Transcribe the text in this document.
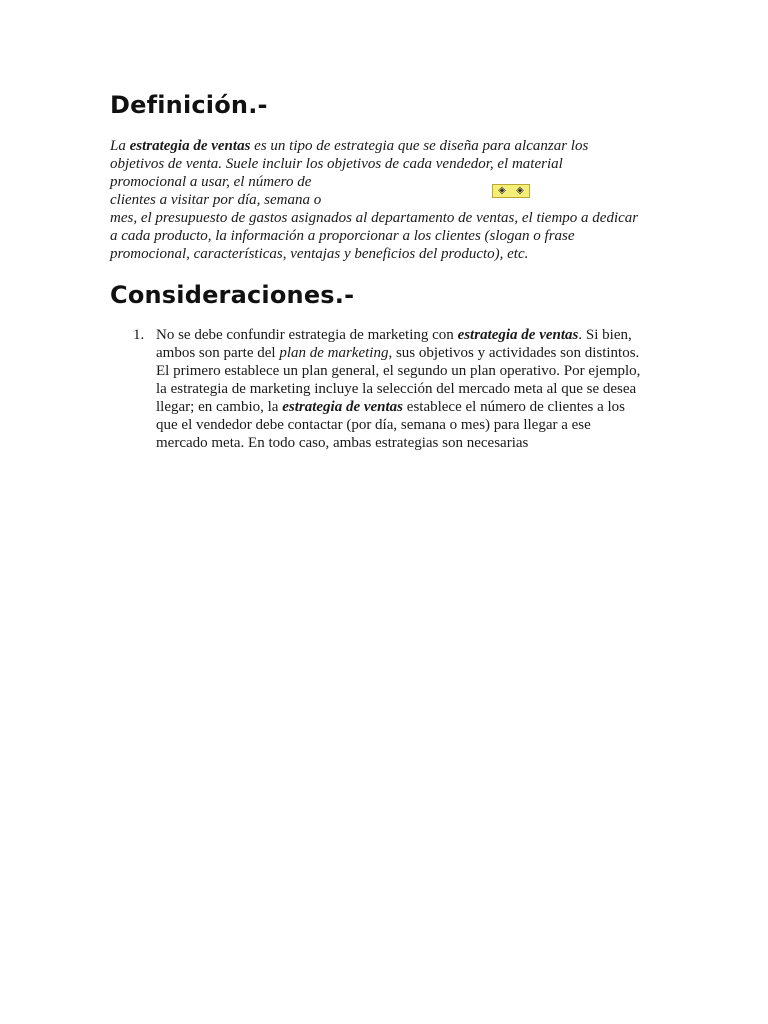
Definición.-
La estrategia de ventas es un tipo de estrategia que se diseña para alcanzar los
objetivos de venta. Suele incluir los objetivos de cada vendedor, el material
promocional a usar, el número de
clientes a visitar por día, semana o
mes, el presupuesto de gastos asignados al departamento de ventas, el tiempo a dedicar
a cada producto, la información a proporcionar a los clientes (slogan o frase
promocional, características, ventajas y beneficios del producto), etc.
◈ ◈
Consideraciones.-
1. No se debe confundir estrategia de marketing con estrategia de ventas. Si bien,
ambos son parte del plan de marketing, sus objetivos y actividades son distintos.
El primero establece un plan general, el segundo un plan operativo. Por ejemplo,
la estrategia de marketing incluye la selección del mercado meta al que se desea
llegar; en cambio, la estrategia de ventas establece el número de clientes a los
que el vendedor debe contactar (por día, semana o mes) para llegar a ese
mercado meta. En todo caso, ambas estrategias son necesarias
